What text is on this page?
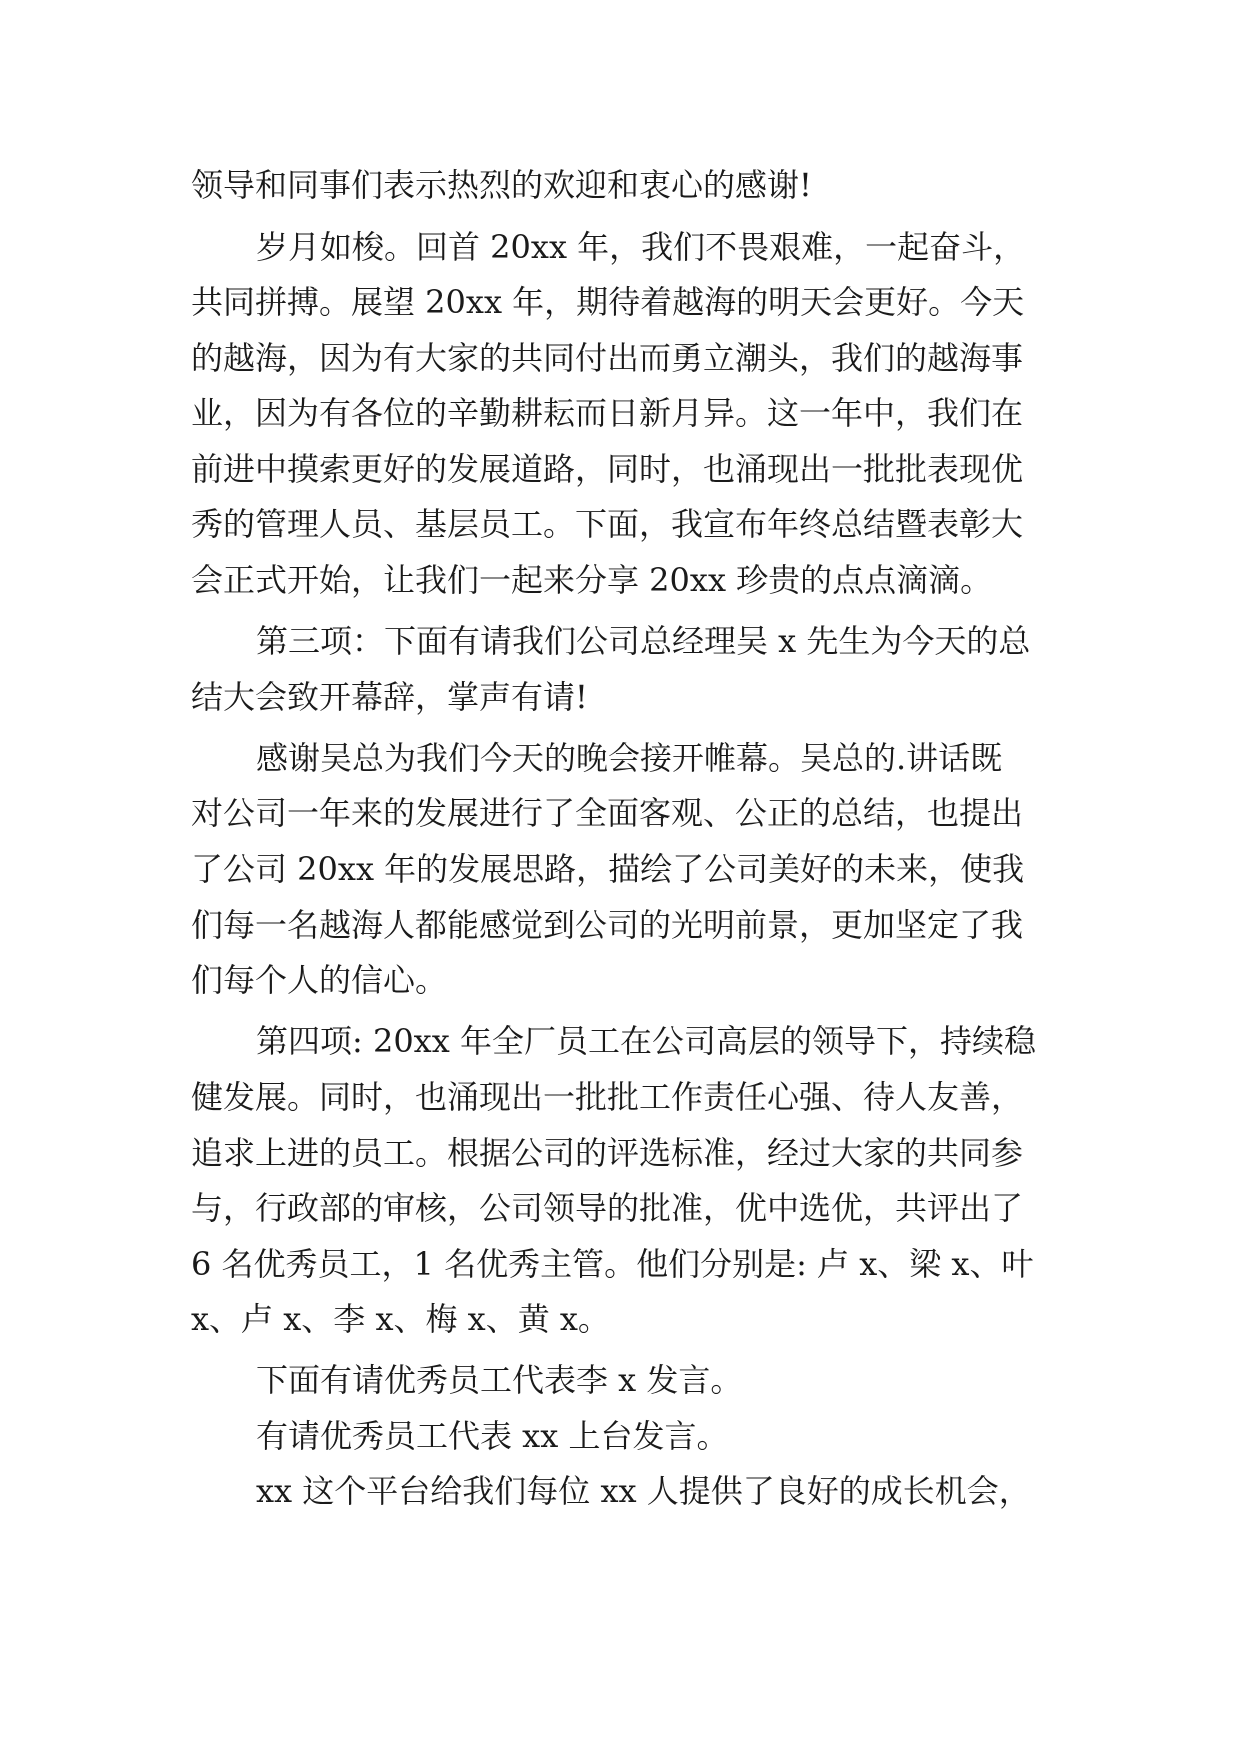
领导和同事们表示热烈的欢迎和衷心的感谢!
岁月如梭。回首 20xx 年，我们不畏艰难，一起奋斗，
共同拼搏。展望 20xx 年，期待着越海的明天会更好。今天
的越海，因为有大家的共同付出而勇立潮头，我们的越海事
业，因为有各位的辛勤耕耘而日新月异。这一年中，我们在
前进中摸索更好的发展道路，同时，也涌现出一批批表现优
秀的管理人员、基层员工。下面，我宣布年终总结暨表彰大
会正式开始，让我们一起来分享 20xx 珍贵的点点滴滴。
第三项：下面有请我们公司总经理吴 x 先生为今天的总
结大会致开幕辞，掌声有请!
感谢吴总为我们今天的晚会接开帷幕。吴总的.讲话既
对公司一年来的发展进行了全面客观、公正的总结，也提出
了公司 20xx 年的发展思路，描绘了公司美好的未来，使我
们每一名越海人都能感觉到公司的光明前景，更加坚定了我
们每个人的信心。
第四项: 20xx 年全厂员工在公司高层的领导下，持续稳
健发展。同时，也涌现出一批批工作责任心强、待人友善，
追求上进的员工。根据公司的评选标准，经过大家的共同参
与，行政部的审核，公司领导的批准，优中选优，共评出了
6 名优秀员工，1 名优秀主管。他们分别是: 卢 x、梁 x、叶
x、卢 x、李 x、梅 x、黄 x。
下面有请优秀员工代表李 x 发言。
有请优秀员工代表 xx 上台发言。
xx 这个平台给我们每位 xx 人提供了良好的成长机会，
